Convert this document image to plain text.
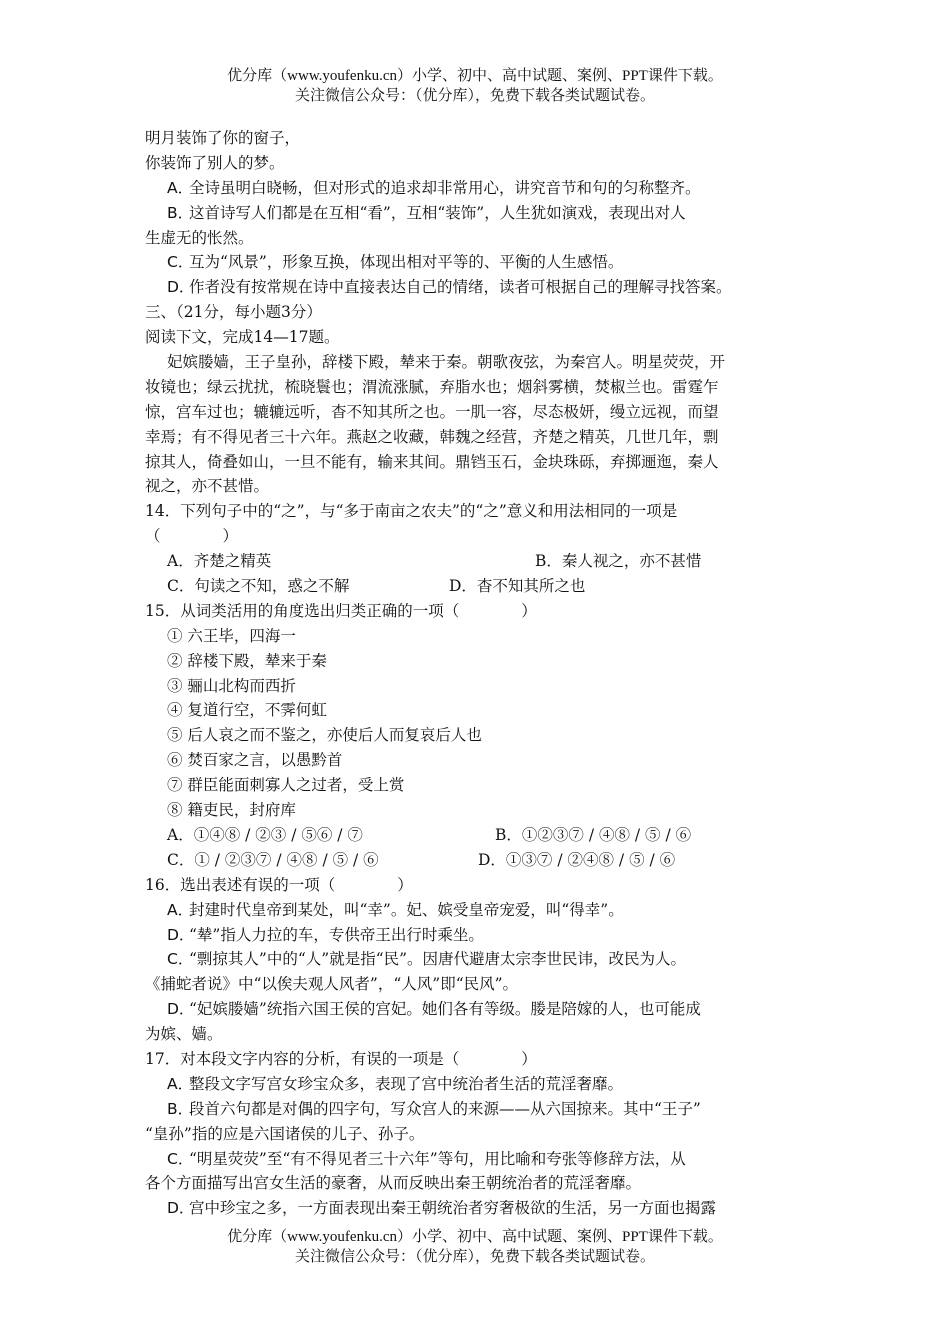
优分库（www.youfenku.cn）小学、初中、高中试题、案例、PPT课件下载。
关注微信公众号：（优分库），免费下载各类试题试卷。
明月装饰了你的窗子，
你装饰了别人的梦。
A．全诗虽明白晓畅，但对形式的追求却非常用心，讲究音节和句的匀称整齐。
B．这首诗写人们都是在互相“看”，互相“装饰”，人生犹如演戏，表现出对人
生虚无的怅然。
C．互为“风景”，形象互换，体现出相对平等的、平衡的人生感悟。
D．作者没有按常规在诗中直接表达自己的情绪，读者可根据自己的理解寻找答案。
三、（21分，每小题3分）
阅读下文，完成14—17题。
妃嫔媵嫱，王子皇孙，辞楼下殿，辇来于秦。朝歌夜弦，为秦宫人。明星荧荧，开
妆镜也；绿云扰扰，梳晓鬟也；渭流涨腻，弃脂水也；烟斜雾横，焚椒兰也。雷霆乍
惊，宫车过也；辘辘远听，杳不知其所之也。一肌一容，尽态极妍，缦立远视，而望
幸焉；有不得见者三十六年。燕赵之收藏，韩魏之经营，齐楚之精英，几世几年，剽
掠其人，倚叠如山，一旦不能有，输来其间。鼎铛玉石，金块珠砾，弃掷逦迤，秦人
视之，亦不甚惜。
14．下列句子中的“之”，与“多于南亩之农夫”的“之”意义和用法相同的一项是
（　　　　）
A．齐楚之精英	B．秦人视之，亦不甚惜
C．句读之不知，惑之不解	D．杳不知其所之也
15．从词类活用的角度选出归类正确的一项（　　　　）
① 六王毕，四海一
② 辞楼下殿，辇来于秦
③ 骊山北构而西折
④ 复道行空，不霁何虹
⑤ 后人哀之而不鉴之，亦使后人而复哀后人也
⑥ 焚百家之言，以愚黔首
⑦ 群臣能面刺寡人之过者，受上赏
⑧ 籍吏民，封府库
A．①④⑧ / ②③ / ⑤⑥ / ⑦	B．①②③⑦ / ④⑧ / ⑤ / ⑥
C．① / ②③⑦ / ④⑧ / ⑤ / ⑥	D．①③⑦ / ②④⑧ / ⑤ / ⑥
16．选出表述有误的一项（　　　　）
A．封建时代皇帝到某处，叫“幸”。妃、嫔受皇帝宠爱，叫“得幸”。
D．“辇”指人力拉的车，专供帝王出行时乘坐。
C．“剽掠其人”中的“人”就是指“民”。因唐代避唐太宗李世民讳，改民为人。
《捕蛇者说》中“以俟夫观人风者”，“人风”即“民风”。
D．“妃嫔媵嫱”统指六国王侯的宫妃。她们各有等级。媵是陪嫁的人，也可能成
为嫔、嫱。
17．对本段文字内容的分析，有误的一项是（　　　　）
A．整段文字写宫女珍宝众多，表现了宫中统治者生活的荒淫奢靡。
B．段首六句都是对偶的四字句，写众宫人的来源——从六国掠来。其中“王子”
“皇孙”指的应是六国诸侯的儿子、孙子。
C．“明星荧荧”至“有不得见者三十六年”等句，用比喻和夸张等修辞方法，从
各个方面描写出宫女生活的豪奢，从而反映出秦王朝统治者的荒淫奢靡。
D．宫中珍宝之多，一方面表现出秦王朝统治者穷奢极欲的生活，另一方面也揭露
优分库（www.youfenku.cn）小学、初中、高中试题、案例、PPT课件下载。
关注微信公众号：（优分库），免费下载各类试题试卷。
